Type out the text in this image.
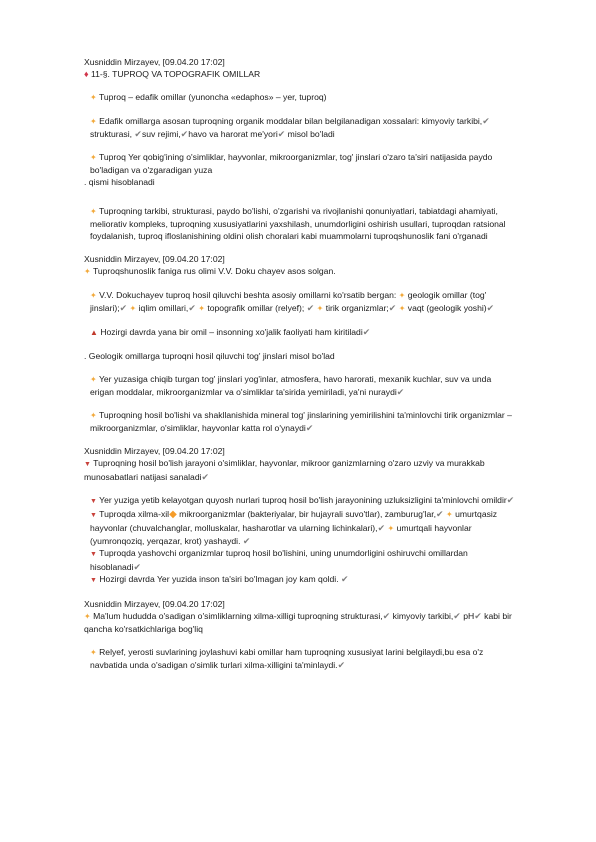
Xusniddin Mirzayev, [09.04.20 17:02]

♦ 11-§. TUPROQ VA TOPOGRAFIK OMILLAR

✦ Tuproq – edafik omillar (yunoncha «edaphos» – yer, tuproq)

✦ Edafik omillarga asosan tuproqning organik moddalar bilan belgilanadigan xossalari: kimyoviy tarkibi,✔ strukturasi, ✔suv rejimi,✔havo va harorat me'yori✔ misol bo'ladi

✦ Tuproq Yer qobig'ining o'simliklar, hayvonlar, mikroorganizmlar, tog' jinslari o'zaro ta'siri natijasida paydo bo'ladigan va o'zgaradigan yuza

. qismi hisoblanadi

✦ Tuproqning tarkibi, strukturasi, paydo bo'lishi, o'zgarishi va rivojlanishi qonuniyatlari, tabiatdagi ahamiyati, meliorativ kompleks, tuproqning xususiyatlarini yaxshilash, unumdorligini oshirish usullari, tuproqdan ratsional foydalanish, tuproq ifloslanishining oldini olish choralari kabi muammolarni tuproqshunoslik fani o'rganadi

Xusniddin Mirzayev, [09.04.20 17:02]

✦ Tuproqshunoslik faniga rus olimi V.V. Doku chayev asos solgan.

✦ V.V. Dokuchayev tuproq hosil qiluvchi beshta asosiy omillarni ko'rsatib bergan: ✦ geologik omillar (tog' jinslari);✔ ✦ iqlim omillari,✔ ✦ topografik omillar (relyef); ✔ ✦ tirik organizmlar;✔ ✦ vaqt (geologik yoshi)✔

▲ Hozirgi davrda yana bir omil – insonning xo'jalik faoliyati ham kiritiladi✔

. Geologik omillarga tuproqni hosil qiluvchi tog' jinslari misol bo'lad

✦ Yer yuzasiga chiqib turgan tog' jinslari yog'inlar, atmosfera, havo harorati, mexanik kuchlar, suv va unda erigan moddalar, mikroorganizmlar va o'simliklar ta'sirida yemiriladi, ya'ni nuraydi✔

✦ Tuproqning hosil bo'lishi va shakllanishida mineral tog' jinslarining yemirilishini ta'minlovchi tirik organizmlar – mikroorganizmlar, o'simliklar, hayvonlar katta rol o'ynaydi✔

Xusniddin Mirzayev, [09.04.20 17:02]

▼ Tuproqning hosil bo'lish jarayoni o'simliklar, hayvonlar, mikroor ganizmlarning o'zaro uzviy va murakkab munosabatlari natijasi sanaladi✔

▼ Yer yuziga yetib kelayotgan quyosh nurlari tuproq hosil bo'lish jarayonining uzluksizligini ta'minlovchi omildir✔

▼ Tuproqda xilma-xil◆ mikroorganizmlar (bakteriyalar, bir hujayrali suvo'tlar), zamburug'lar,✔ ✦ umurtqasiz hayvonlar (chuvalchanglar, molluskalar, hasharotlar va ularning lichinkalari),✔ ✦ umurtqali hayvonlar (yumronqoziq, yerqazar, krot) yashaydi. ✔

▼ Tuproqda yashovchi organizmlar tuproq hosil bo'lishini, uning unumdorligini oshiruvchi omillardan hisoblanadi✔

▼ Hozirgi davrda Yer yuzida inson ta'siri bo'lmagan joy kam qoldi. ✔

Xusniddin Mirzayev, [09.04.20 17:02]

✦ Ma'lum hududda o'sadigan o'simliklarning xilma-xilligi tuproqning strukturasi,✔ kimyoviy tarkibi,✔ pH✔ kabi bir qancha ko'rsatkichlariga bog'liq

✦ Relyef, yerosti suvlarining joylashuvi kabi omillar ham tuproqning xususiyat larini belgilaydi,bu esa o'z navbatida unda o'sadigan o'simlik turlari xilma-xilligini ta'minlaydi.✔
